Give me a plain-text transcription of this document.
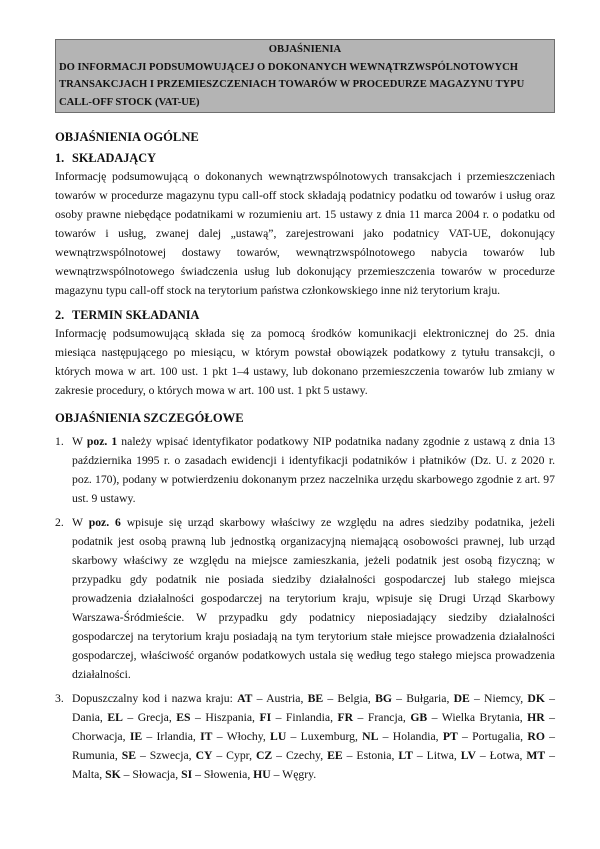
OBJAŚNIENIA
DO INFORMACJI PODSUMOWUJĄCEJ O DOKONANYCH WEWNĄTRZWSPÓLNOTOWYCH
TRANSAKCJACH I PRZEMIESZCZENIACH TOWARÓW W PROCEDURZE MAGAZYNU TYPU
CALL-OFF STOCK (VAT-UE)
OBJAŚNIENIA OGÓLNE
1. SKŁADAJĄCY
Informację podsumowującą o dokonanych wewnątrzwspólnotowych transakcjach i przemieszczeniach towarów w procedurze magazynu typu call-off stock składają podatnicy podatku od towarów i usług oraz osoby prawne niebędące podatnikami w rozumieniu art. 15 ustawy z dnia 11 marca 2004 r. o podatku od towarów i usług, zwanej dalej „ustawą”, zarejestrowani jako podatnicy VAT-UE, dokonujący wewnątrzwspólnotowej dostawy towarów, wewnątrzwspólnotowego nabycia towarów lub wewnątrzwspólnotowego świadczenia usług lub dokonujący przemieszczenia towarów w procedurze magazynu typu call-off stock na terytorium państwa członkowskiego inne niż terytorium kraju.
2. TERMIN SKŁADANIA
Informację podsumowującą składa się za pomocą środków komunikacji elektronicznej do 25. dnia miesiąca następującego po miesiącu, w którym powstał obowiązek podatkowy z tytułu transakcji, o których mowa w art. 100 ust. 1 pkt 1–4 ustawy, lub dokonano przemieszczenia towarów lub zmiany w zakresie procedury, o których mowa w art. 100 ust. 1 pkt 5 ustawy.
OBJAŚNIENIA SZCZEGÓŁOWE
1. W poz. 1 należy wpisać identyfikator podatkowy NIP podatnika nadany zgodnie z ustawą z dnia 13 października 1995 r. o zasadach ewidencji i identyfikacji podatników i płatników (Dz. U. z 2020 r. poz. 170), podany w potwierdzeniu dokonanym przez naczelnika urzędu skarbowego zgodnie z art. 97 ust. 9 ustawy.
2. W poz. 6 wpisuje się urząd skarbowy właściwy ze względu na adres siedziby podatnika, jeżeli podatnik jest osobą prawną lub jednostką organizacyjną niemającą osobowości prawnej, lub urząd skarbowy właściwy ze względu na miejsce zamieszkania, jeżeli podatnik jest osobą fizyczną; w przypadku gdy podatnik nie posiada siedziby działalności gospodarczej lub stałego miejsca prowadzenia działalności gospodarczej na terytorium kraju, wpisuje się Drugi Urząd Skarbowy Warszawa-Śródmieście. W przypadku gdy podatnicy nieposiadający siedziby działalności gospodarczej na terytorium kraju posiadają na tym terytorium stałe miejsce prowadzenia działalności gospodarczej, właściwość organów podatkowych ustala się według tego stałego miejsca prowadzenia działalności.
3. Dopuszczalny kod i nazwa kraju: AT – Austria, BE – Belgia, BG – Bułgaria, DE – Niemcy, DK – Dania, EL – Grecja, ES – Hiszpania, FI – Finlandia, FR – Francja, GB – Wielka Brytania, HR – Chorwacja, IE – Irlandia, IT – Włochy, LU – Luxemburg, NL – Holandia, PT – Portugalia, RO – Rumunia, SE – Szwecja, CY – Cypr, CZ – Czechy, EE – Estonia, LT – Litwa, LV – Łotwa, MT – Malta, SK – Słowacja, SI – Słowenia, HU – Węgry.
